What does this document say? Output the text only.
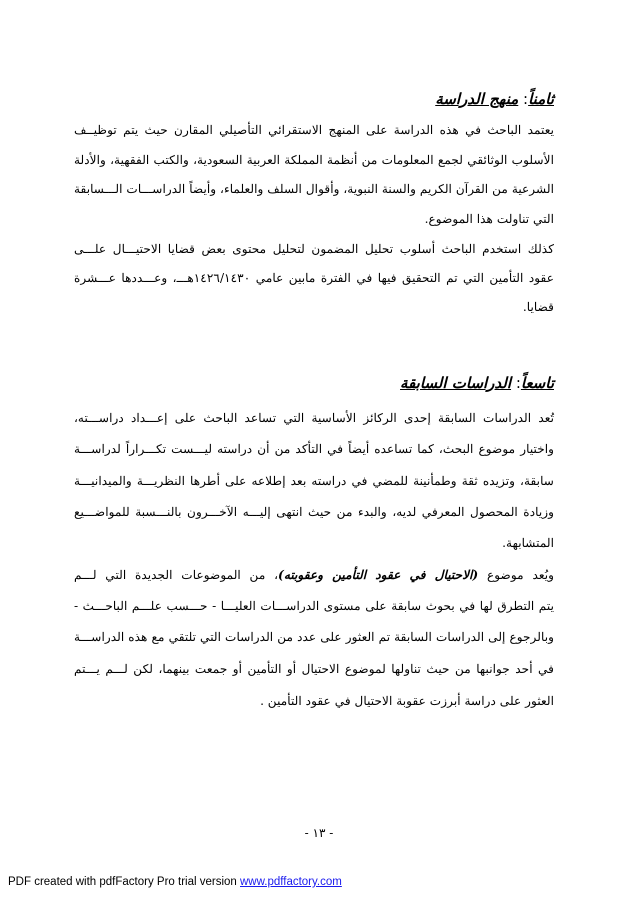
ثامناً: منهج الدراسة
يعتمد الباحث في هذه الدراسة على المنهج الاستقرائي التأصيلي المقارن حيث يتم توظيــف
الأسلوب الوثائقي لجمع المعلومات من أنظمة المملكة العربية السعودية، والكتب الفقهية، والأدلة
الشرعية من القرآن الكريم والسنة النبوية، وأقوال السلف والعلماء، وأيضاً الدراســـات الـــسابقة
التي تناولت هذا الموضوع.
كذلك استخدم الباحث أسلوب تحليل المضمون لتحليل محتوى بعض قضايا الاحتيـــال علـــى
عقود التأمين التي تم التحقيق فيها في الفترة مابين عامي ١٤٢٦/١٤٣٠هـــ، وعـــددها عـــشرة
قضايا.
تاسعاً: الدراسات السابقة
تُعد الدراسات السابقة إحدى الركائز الأساسية التي تساعد الباحث على إعـــداد دراســـته،
واختيار موضوع البحث، كما تساعده أيضاً في التأكد من أن دراسته ليـــست تكـــراراً لدراســـة
سابقة، وتزيده ثقة وطمأنينة للمضي في دراسته بعد إطلاعه على أطرها النظريـــة والميدانيـــة
وزيادة المحصول المعرفي لديه، والبدء من حيث انتهى إليـــه الآخـــرون بالنـــسبة للمواضـــيع
المتشابهة.
ويُعد موضوع (الاحتيال في عقود التأمين وعقوبته)، من الموضوعات الجديدة التي لـــم
يتم التطرق لها في بحوث سابقة على مستوى الدراســـات العليـــا - حـــسب علـــم الباحـــث -
وبالرجوع إلى الدراسات السابقة تم العثور على عدد من الدراسات التي تلتقي مع هذه الدراســـة
في أحد جوانبها من حيث تناولها لموضوع الاحتيال أو التأمين أو جمعت بينهما، لكن لـــم يـــتم
العثور على دراسة أبرزت عقوبة الاحتيال في عقود التأمين .
- ١٣ -
PDF created with pdfFactory Pro trial version www.pdffactory.com
